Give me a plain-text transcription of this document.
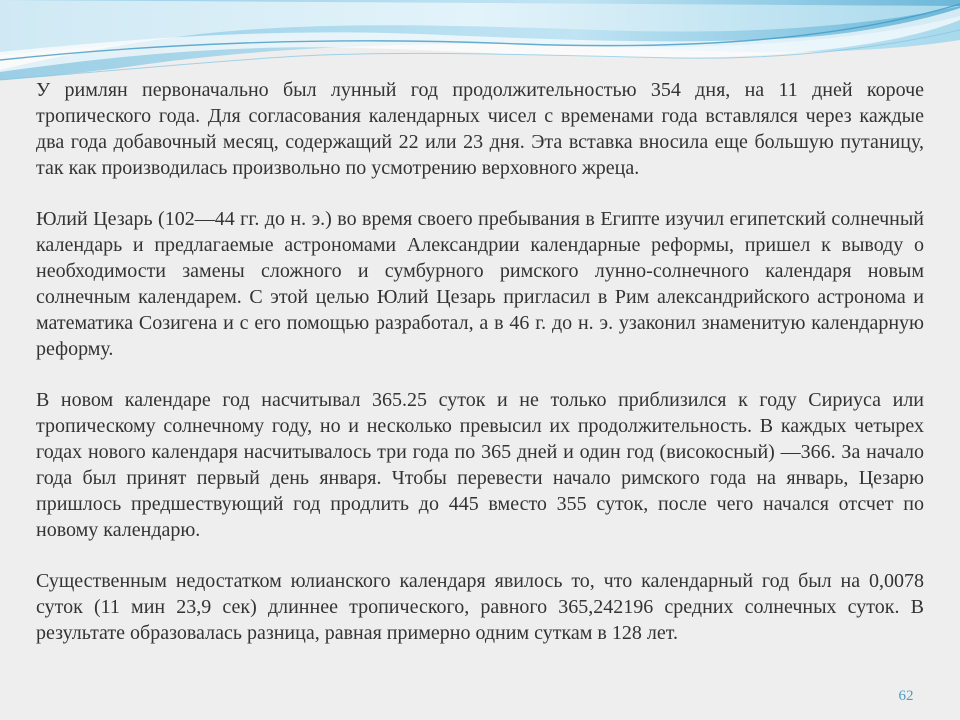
У римлян первоначально был лунный год продолжительностью 354 дня, на 11 дней короче тропического года. Для согласования календарных чисел с временами года вставлялся через каждые два года добавочный месяц, содержащий 22 или 23 дня. Эта вставка вносила еще большую путаницу, так как производилась произвольно по усмотрению верховного жреца.

Юлий Цезарь (102—44 гг. до н. э.) во время своего пребывания в Египте изучил египетский солнечный календарь и предлагаемые астрономами Александрии календарные реформы, пришел к выводу о необходимости замены сложного и сумбурного римского лунно-солнечного календаря новым солнечным календарем. С этой целью Юлий Цезарь пригласил в Рим александрийского астронома и математика Созигена и с его помощью разработал, а в 46 г. до н. э. узаконил знаменитую календарную реформу.

В новом календаре год насчитывал 365.25 суток и не только приблизился к году Сириуса или тропическому солнечному году, но и несколько превысил их продолжительность. В каждых четырех годах нового календаря насчитывалось три года по 365 дней и один год (високосный) —366. За начало года был принят первый день января. Чтобы перевести начало римского года на январь, Цезарю пришлось предшествующий год продлить до 445 вместо 355 суток, после чего начался отсчет по новому календарю.

Существенным недостатком юлианского календаря явилось то, что календарный год был на 0,0078 суток (11 мин 23,9 сек) длиннее тропического, равного 365,242196 средних солнечных суток. В результате образовалась разница, равная примерно одним суткам в 128 лет.

62
